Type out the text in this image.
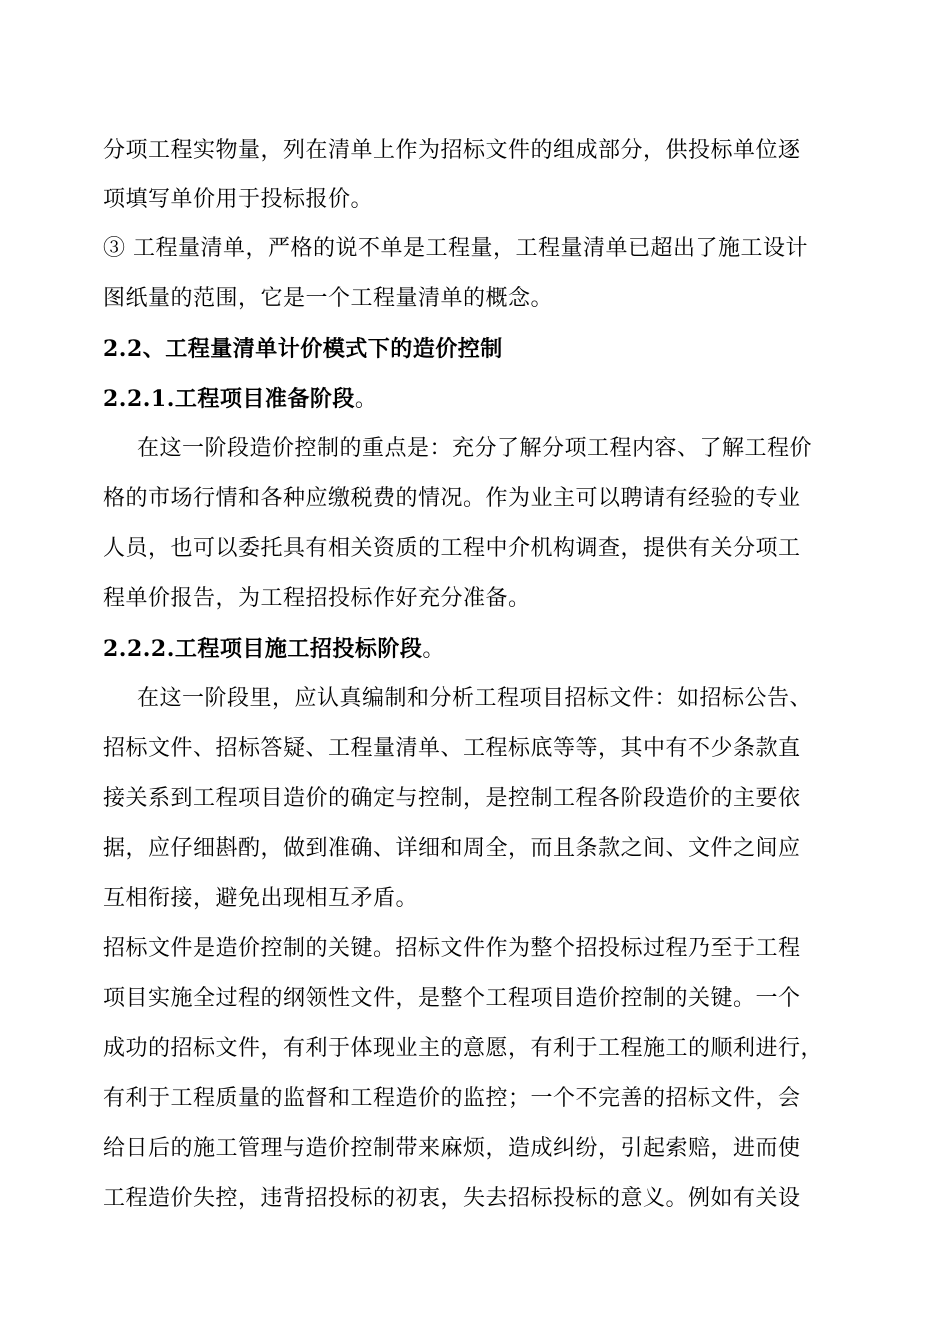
分项工程实物量，列在清单上作为招标文件的组成部分，供投标单位逐
项填写单价用于投标报价。
③ 工程量清单，严格的说不单是工程量，工程量清单已超出了施工设计
图纸量的范围，它是一个工程量清单的概念。
2.2、工程量清单计价模式下的造价控制
2.2.1.工程项目准备阶段。
在这一阶段造价控制的重点是：充分了解分项工程内容、了解工程价
格的市场行情和各种应缴税费的情况。作为业主可以聘请有经验的专业
人员，也可以委托具有相关资质的工程中介机构调查，提供有关分项工
程单价报告，为工程招投标作好充分准备。
2.2.2.工程项目施工招投标阶段。
在这一阶段里，应认真编制和分析工程项目招标文件：如招标公告、
招标文件、招标答疑、工程量清单、工程标底等等，其中有不少条款直
接关系到工程项目造价的确定与控制，是控制工程各阶段造价的主要依
据，应仔细斟酌，做到准确、详细和周全，而且条款之间、文件之间应
互相衔接，避免出现相互矛盾。
招标文件是造价控制的关键。招标文件作为整个招投标过程乃至于工程
项目实施全过程的纲领性文件，是整个工程项目造价控制的关键。一个
成功的招标文件，有利于体现业主的意愿，有利于工程施工的顺利进行，
有利于工程质量的监督和工程造价的监控；一个不完善的招标文件，会
给日后的施工管理与造价控制带来麻烦，造成纠纷，引起索赔，进而使
工程造价失控，违背招投标的初衷，失去招标投标的意义。例如有关设
